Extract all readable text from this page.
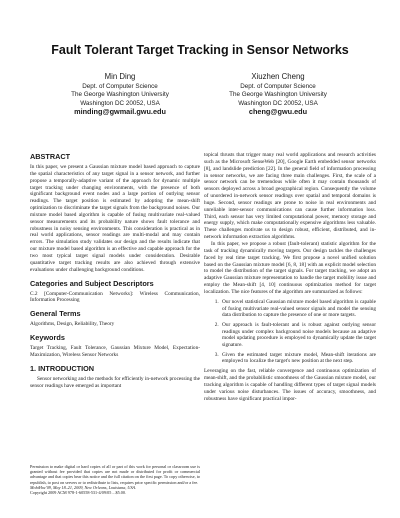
Fault Tolerant Target Tracking in Sensor Networks
Min Ding
Dept. of Computer Science
The George Washington University
Washington DC 20052, USA
minding@gwmail.gwu.edu
Xiuzhen Cheng
Dept. of Computer Science
The George Washington University
Washington DC 20052, USA
cheng@gwu.edu
ABSTRACT

In this paper, we present a Gaussian mixture model based approach to capture the spatial characteristics of any target signal in a sensor network, and further propose a temporally-adaptive variant of the approach for dynamic multiple target tracking under changing environments, with the presence of both significant background event nodes and a large portion of outlying sensor readings. The target position is estimated by adopting the mean-shift optimization to discriminate the target signals from the background noises. Our mixture model based algorithm is capable of fusing multivariate real-valued sensor measurements and its probability nature shows fault tolerance and robustness in noisy sensing environments. This consideration is practical as in real world applications, sensor readings are multi-modal and may contain errors. The simulation study validates our design and the results indicate that our mixture model based algorithm is an effective and capable approach for the two most typical target signal models under consideration. Desirable quantitative target tracking results are also achieved through extensive evaluations under challenging background conditions.

Categories and Subject Descriptors

C.2 [Computer-Communication Networks]: Wireless Communication, Information Processing

General Terms

Algorithms, Design, Reliability, Theory

Keywords

Target Tracking, Fault Tolerance, Gaussian Mixture Model, Expectation-Maximization, Wireless Sensor Networks

1. INTRODUCTION

Sensor networking and the methods for efficiently in-network processing the sensor readings have emerged as important

topical thrusts that trigger many real world applications and research activities such as the Microsoft SenseWeb [20], Google Earth embedded sensor networks [8], and landslide prediction [22]. In the general field of information processing in sensor networks, we are facing three main challenges. First, the scale of a sensor network can be tremendous while often it may contain thousands of sensors deployed across a broad geographical region. Consequently the volume of unordered in-network sensor readings over spatial and temporal domains is huge. Second, sensor readings are prone to noise in real environments and unreliable inter-sensor communications can cause further information loss. Third, each sensor has very limited computational power, memory storage and energy supply, which make computationally expensive algorithms less valuable. These challenges motivate us to design robust, efficient, distributed, and in-network information extraction algorithms.

In this paper, we propose a robust (fault-tolerant) statistic algorithm for the task of tracking dynamically moving targets. Our design tackles the challenges faced by real time target tracking. We first propose a novel unified solution based on the Gaussian mixture model [6, 8, 18] with an explicit model selection to model the distribution of the target signals. For target tracking, we adopt an adaptive Gaussian mixture representation to handle the target mobility issue and employ the Mean-shift [4, 10] continuous optimization method for target localization. The nice features of the algorithm are summarized as follows:

1. Our novel statistical Gaussian mixture model based algorithm is capable of fusing multivariate real-valued sensor signals and model the sensing data distribution to capture the presence of one or more targets.
2. Our approach is fault-tolerant and is robust against outlying sensor readings under complex background noise models because an adaptive model updating procedure is employed to dynamically update the target signature.
3. Given the estimated target mixture model, Mean-shift iterations are employed to localize the target's new position at the next step.

Leveraging on the fast, reliable convergence and continuous optimization of mean-shift, and the probabilistic smoothness of the Gaussian mixture model, our tracking algorithm is capable of handling different types of target signal models under various noise disturbances. The issues of accuracy, smoothness, and robustness have significant practical impor-

Permission to make digital or hard copies of all or part of this work for personal or classroom use is granted without fee provided that copies are not made or distributed for profit or commercial advantage and that copies bear this notice and the full citation on the first page. To copy otherwise, to republish, to post on servers or to redistribute to lists, requires prior specific permission and/or a fee.
MobiHoc'09, May 18–21, 2009, New Orleans, Louisiana, USA.
Copyright 2009 ACM 978-1-60558-531-4/09/05 ...$5.00.
